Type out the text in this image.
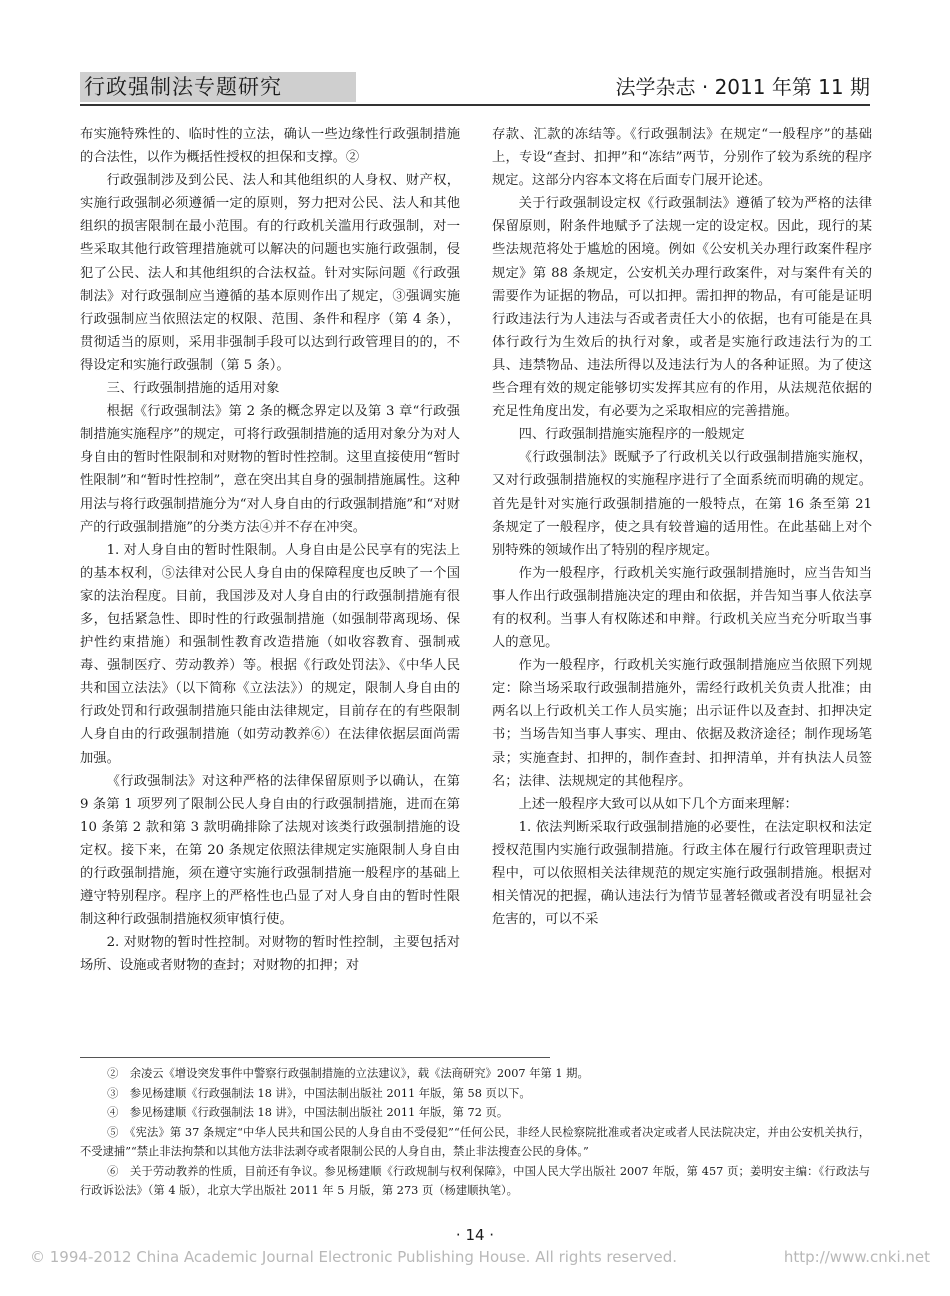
行政强制法专题研究	法学杂志 · 2011 年第 11 期

布实施特殊性的、临时性的立法，确认一些边缘性行政强制措施的合法性，以作为概括性授权的担保和支撑。②

行政强制涉及到公民、法人和其他组织的人身权、财产权，实施行政强制必须遵循一定的原则，努力把对公民、法人和其他组织的损害限制在最小范围。有的行政机关滥用行政强制，对一些采取其他行政管理措施就可以解决的问题也实施行政强制，侵犯了公民、法人和其他组织的合法权益。针对实际问题《行政强制法》对行政强制应当遵循的基本原则作出了规定，③强调实施行政强制应当依照法定的权限、范围、条件和程序（第 4 条），贯彻适当的原则，采用非强制手段可以达到行政管理目的的，不得设定和实施行政强制（第 5 条）。

三、行政强制措施的适用对象

根据《行政强制法》第 2 条的概念界定以及第 3 章“行政强制措施实施程序”的规定，可将行政强制措施的适用对象分为对人身自由的暂时性限制和对财物的暂时性控制。这里直接使用“暂时性限制”和“暂时性控制”，意在突出其自身的强制措施属性。这种用法与将行政强制措施分为“对人身自由的行政强制措施”和“对财产的行政强制措施”的分类方法④并不存在冲突。

1. 对人身自由的暂时性限制。人身自由是公民享有的宪法上的基本权利，⑤法律对公民人身自由的保障程度也反映了一个国家的法治程度。目前，我国涉及对人身自由的行政强制措施有很多，包括紧急性、即时性的行政强制措施（如强制带离现场、保护性约束措施）和强制性教育改造措施（如收容教育、强制戒毒、强制医疗、劳动教养）等。根据《行政处罚法》、《中华人民共和国立法法》（以下简称《立法法》）的规定，限制人身自由的行政处罚和行政强制措施只能由法律规定，目前存在的有些限制人身自由的行政强制措施（如劳动教养⑥）在法律依据层面尚需加强。

《行政强制法》对这种严格的法律保留原则予以确认，在第 9 条第 1 项罗列了限制公民人身自由的行政强制措施，进而在第 10 条第 2 款和第 3 款明确排除了法规对该类行政强制措施的设定权。接下来，在第 20 条规定依照法律规定实施限制人身自由的行政强制措施，须在遵守实施行政强制措施一般程序的基础上遵守特别程序。程序上的严格性也凸显了对人身自由的暂时性限制这种行政强制措施权须审慎行使。

2. 对财物的暂时性控制。对财物的暂时性控制，主要包括对场所、设施或者财物的查封；对财物的扣押；对

存款、汇款的冻结等。《行政强制法》在规定“一般程序”的基础上，专设“查封、扣押”和“冻结”两节，分别作了较为系统的程序规定。这部分内容本文将在后面专门展开论述。

关于行政强制设定权《行政强制法》遵循了较为严格的法律保留原则，附条件地赋予了法规一定的设定权。因此，现行的某些法规范将处于尴尬的困境。例如《公安机关办理行政案件程序规定》第 88 条规定，公安机关办理行政案件，对与案件有关的需要作为证据的物品，可以扣押。需扣押的物品，有可能是证明行政违法行为人违法与否或者责任大小的依据，也有可能是在具体行政行为生效后的执行对象，或者是实施行政违法行为的工具、违禁物品、违法所得以及违法行为人的各种证照。为了使这些合理有效的规定能够切实发挥其应有的作用，从法规范依据的充足性角度出发，有必要为之采取相应的完善措施。

四、行政强制措施实施程序的一般规定

《行政强制法》既赋予了行政机关以行政强制措施实施权，又对行政强制措施权的实施程序进行了全面系统而明确的规定。首先是针对实施行政强制措施的一般特点，在第 16 条至第 21 条规定了一般程序，使之具有较普遍的适用性。在此基础上对个别特殊的领域作出了特别的程序规定。

作为一般程序，行政机关实施行政强制措施时，应当告知当事人作出行政强制措施决定的理由和依据，并告知当事人依法享有的权利。当事人有权陈述和申辩。行政机关应当充分听取当事人的意见。

作为一般程序，行政机关实施行政强制措施应当依照下列规定：除当场采取行政强制措施外，需经行政机关负责人批准；由两名以上行政机关工作人员实施；出示证件以及查封、扣押决定书；当场告知当事人事实、理由、依据及救济途径；制作现场笔录；实施查封、扣押的，制作查封、扣押清单，并有执法人员签名；法律、法规规定的其他程序。

上述一般程序大致可以从如下几个方面来理解：

1. 依法判断采取行政强制措施的必要性，在法定职权和法定授权范围内实施行政强制措施。行政主体在履行行政管理职责过程中，可以依照相关法律规范的规定实施行政强制措施。根据对相关情况的把握，确认违法行为情节显著轻微或者没有明显社会危害的，可以不采

②　余凌云《增设突发事件中警察行政强制措施的立法建议》，载《法商研究》2007 年第 1 期。

③　参见杨建顺《行政强制法 18 讲》，中国法制出版社 2011 年版，第 58 页以下。

④　参见杨建顺《行政强制法 18 讲》，中国法制出版社 2011 年版，第 72 页。

⑤　《宪法》第 37 条规定“中华人民共和国公民的人身自由不受侵犯”“任何公民，非经人民检察院批准或者决定或者人民法院决定，并由公安机关执行，不受逮捕”“禁止非法拘禁和以其他方法非法剥夺或者限制公民的人身自由，禁止非法搜查公民的身体。”

⑥　关于劳动教养的性质，目前还有争议。参见杨建顺《行政规制与权利保障》，中国人民大学出版社 2007 年版，第 457 页；姜明安主编：《行政法与行政诉讼法》（第 4 版），北京大学出版社 2011 年 5 月版，第 273 页（杨建顺执笔）。

· 14 ·
© 1994-2012 China Academic Journal Electronic Publishing House. All rights reserved.	http://www.cnki.net
